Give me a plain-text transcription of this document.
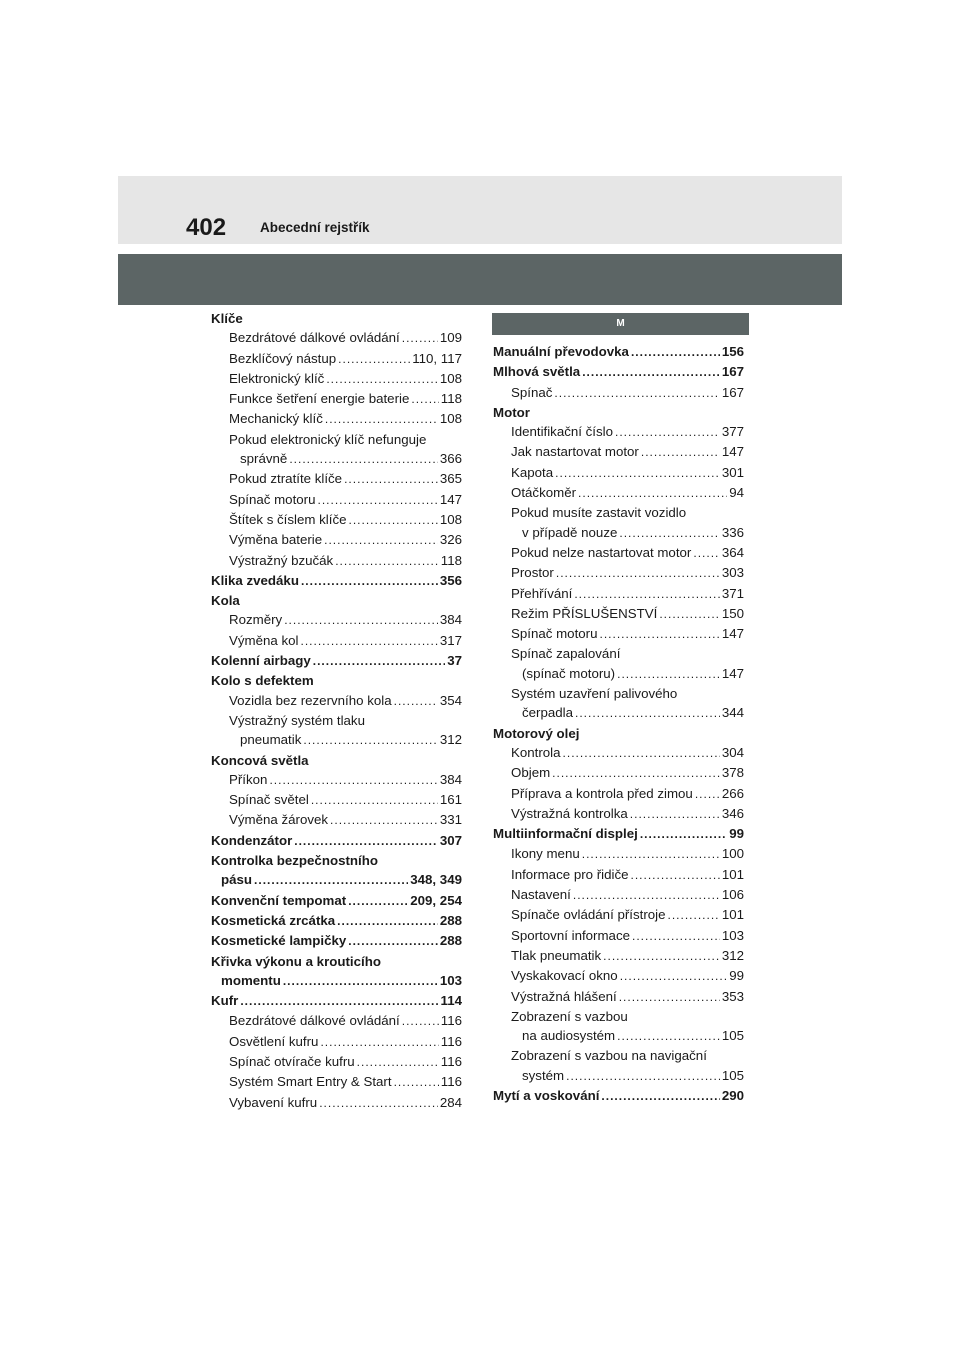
402	Abecední rejstřík
Klíče
Bezdrátové dálkové ovládání .....	109
Bezklíčový nástup .....	110, 117
Elektronický klíč .....	108
Funkce šetření energie baterie ..... 118
Mechanický klíč .....	108
Pokud elektronický klíč nefunguje
správně .....	366
Pokud ztratíte klíče .....	365
Spínač motoru .....	147
Štítek s číslem klíče .....	108
Výměna baterie .....	326
Výstražný bzučák .....	118
Klika zvedáku .....	356
Kola
Rozměry .....	384
Výměna kol .....	317
Kolenní airbagy .....	37
Kolo s defektem
Vozidla bez rezervního kola .....	354
Výstražný systém tlaku
pneumatik .....	312
Koncová světla
Příkon .....	384
Spínač světel .....	161
Výměna žárovek .....	331
Kondenzátor .....	307
Kontrolka bezpečnostního
pásu .....	348, 349
Konvenční tempomat .....	209, 254
Kosmetická zrcátka .....	288
Kosmetické lampičky .....	288
Křivka výkonu a krouticího
momentu .....	103
Kufr .....	114
Bezdrátové dálkové ovládání .....	116
Osvětlení kufru .....	116
Spínač otvírače kufru .....	116
Systém Smart Entry & Start .....	116
Vybavení kufru .....	284
M
Manuální převodovka .....	156
Mlhová světla .....	167
Spínač .....	167
Motor
Identifikační číslo .....	377
Jak nastartovat motor .....	147
Kapota .....	301
Otáčkoměr .....	94
Pokud musíte zastavit vozidlo
v případě nouze .....	336
Pokud nelze nastartovat motor ..... 364
Prostor .....	303
Přehřívání .....	371
Režim PŘÍSLUŠENSTVÍ .....	150
Spínač motoru .....	147
Spínač zapalování
(spínač motoru) .....	147
Systém uzavření palivového
čerpadla .....	344
Motorový olej
Kontrola .....	304
Objem .....	378
Příprava a kontrola před zimou ..... 266
Výstražná kontrolka .....	346
Multiinformační displej .....	99
Ikony menu .....	100
Informace pro řidiče .....	101
Nastavení .....	106
Spínače ovládání přístroje .....	101
Sportovní informace .....	103
Tlak pneumatik .....	312
Vyskakovací okno .....	99
Výstražná hlášení .....	353
Zobrazení s vazbou
na audiosystém .....	105
Zobrazení s vazbou na navigační
systém .....	105
Mytí a voskování .....	290
